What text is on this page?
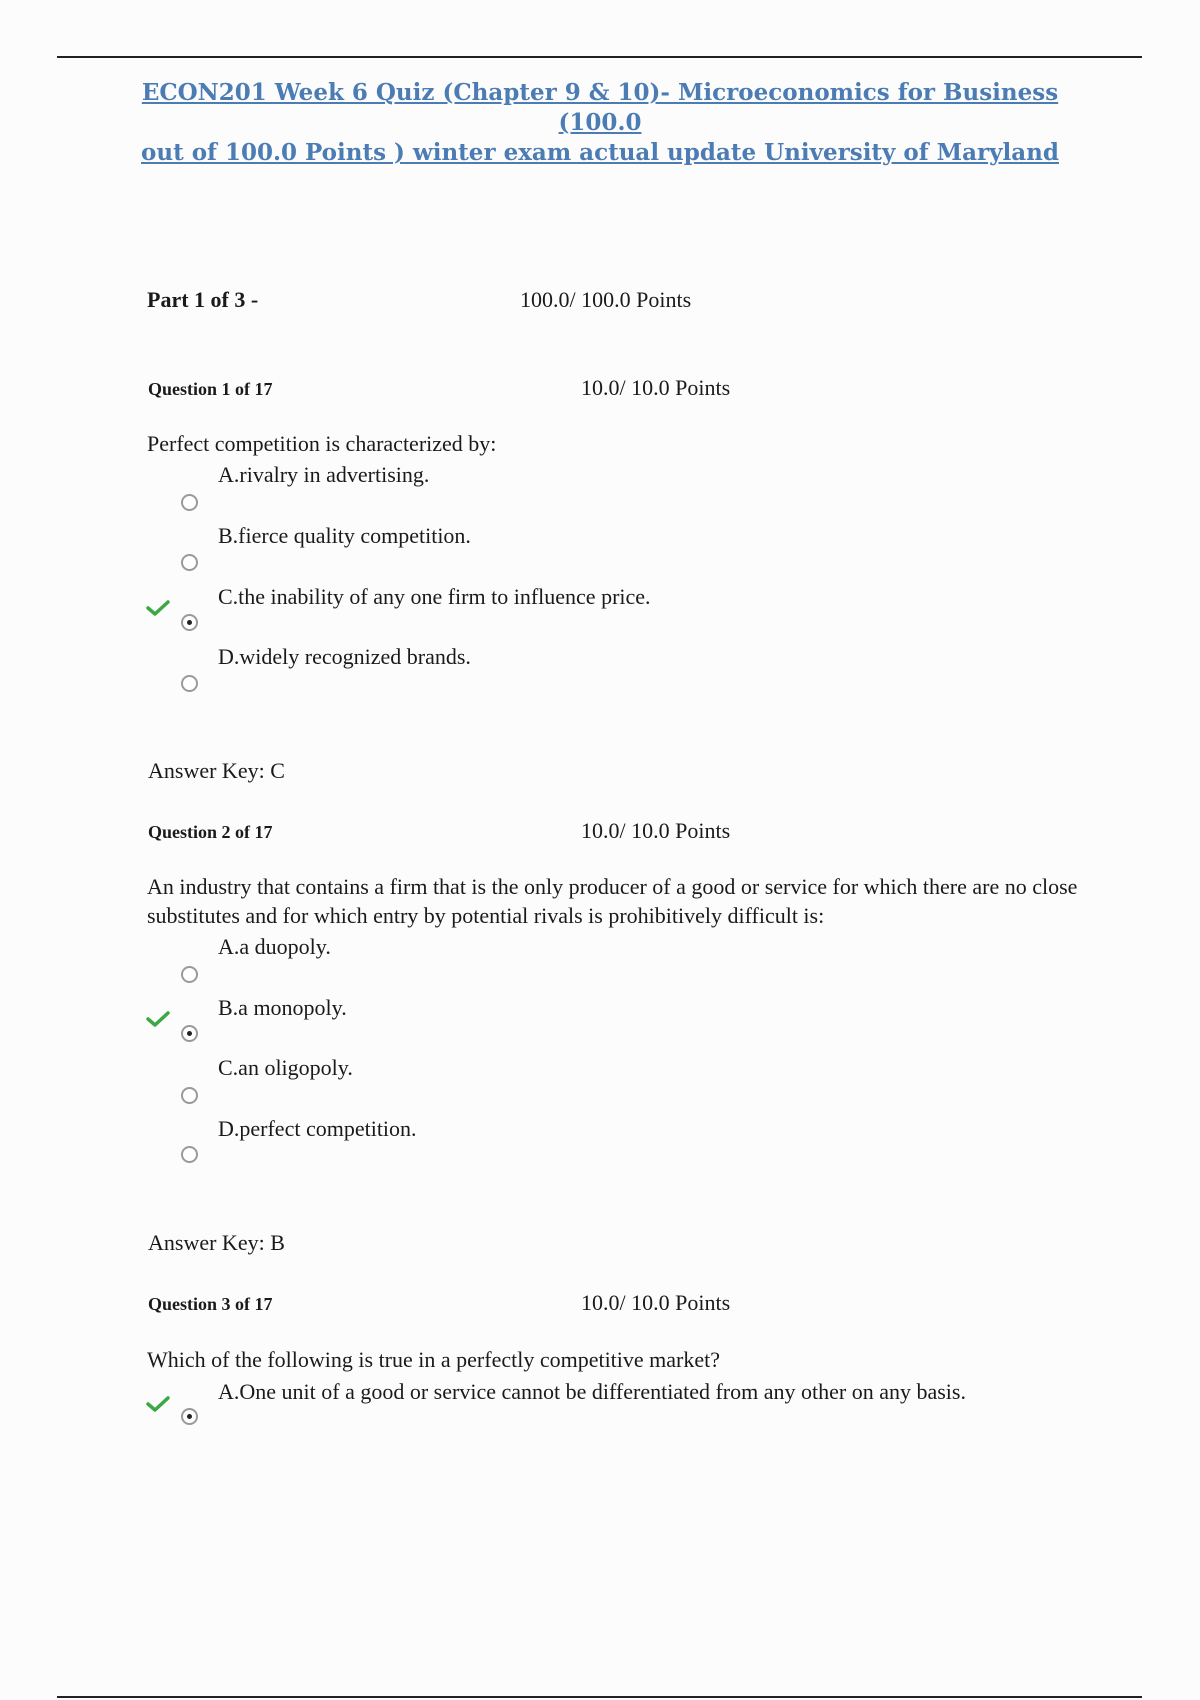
ECON201 Week 6 Quiz (Chapter 9 & 10)- Microeconomics for Business (100.0
out of 100.0 Points ) winter exam actual update University of Maryland
Part 1 of 3 -	100.0/ 100.0 Points
Question 1 of 17	10.0/ 10.0 Points
Perfect competition is characterized by:
A.rivalry in advertising.
B.fierce quality competition.
C.the inability of any one firm to influence price.
D.widely recognized brands.
Answer Key: C
Question 2 of 17	10.0/ 10.0 Points
An industry that contains a firm that is the only producer of a good or service for which there are no close substitutes and for which entry by potential rivals is prohibitively difficult is:
A.a duopoly.
B.a monopoly.
C.an oligopoly.
D.perfect competition.
Answer Key: B
Question 3 of 17	10.0/ 10.0 Points
Which of the following is true in a perfectly competitive market?
A.One unit of a good or service cannot be differentiated from any other on any basis.
